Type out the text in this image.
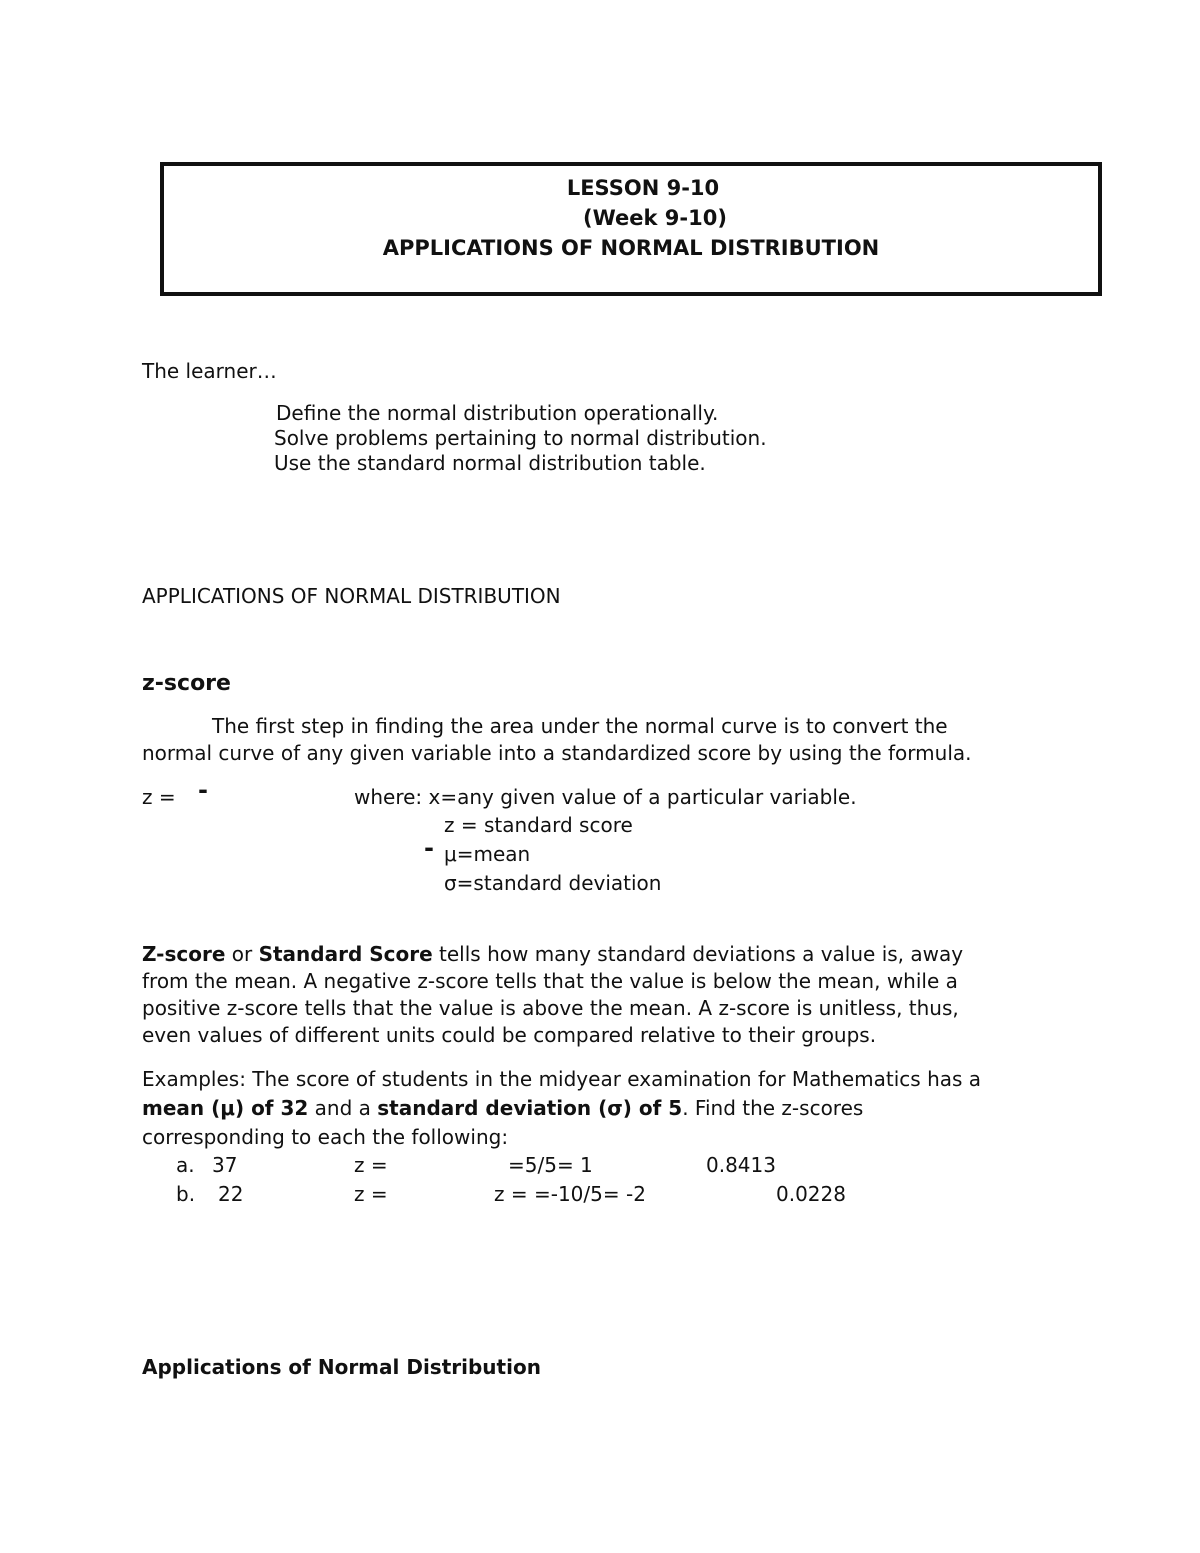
LESSON 9-10
(Week 9-10)
APPLICATIONS OF NORMAL DISTRIBUTION
The learner…
Define the normal distribution operationally.
Solve problems pertaining to normal distribution.
Use the standard normal distribution table.
APPLICATIONS OF NORMAL DISTRIBUTION
z-score
The first step in finding the area under the normal curve is to convert the
normal curve of any given variable into a standardized score by using the formula.
z = -	where: x=any given value of a particular variable.
z = standard score
- μ=mean
σ=standard deviation
Z-score or Standard Score tells how many standard deviations a value is, away
from the mean. A negative z-score tells that the value is below the mean, while a
positive z-score tells that the value is above the mean. A z-score is unitless, thus,
even values of different units could be compared relative to their groups.
Examples: The score of students in the midyear examination for Mathematics has a
mean (μ) of 32 and a standard deviation (σ) of 5. Find the z-scores
corresponding to each the following:
a. 37	z =	=5/5= 1	0.8413
b. 22	z =	z = =-10/5= -2	0.0228
Applications of Normal Distribution
